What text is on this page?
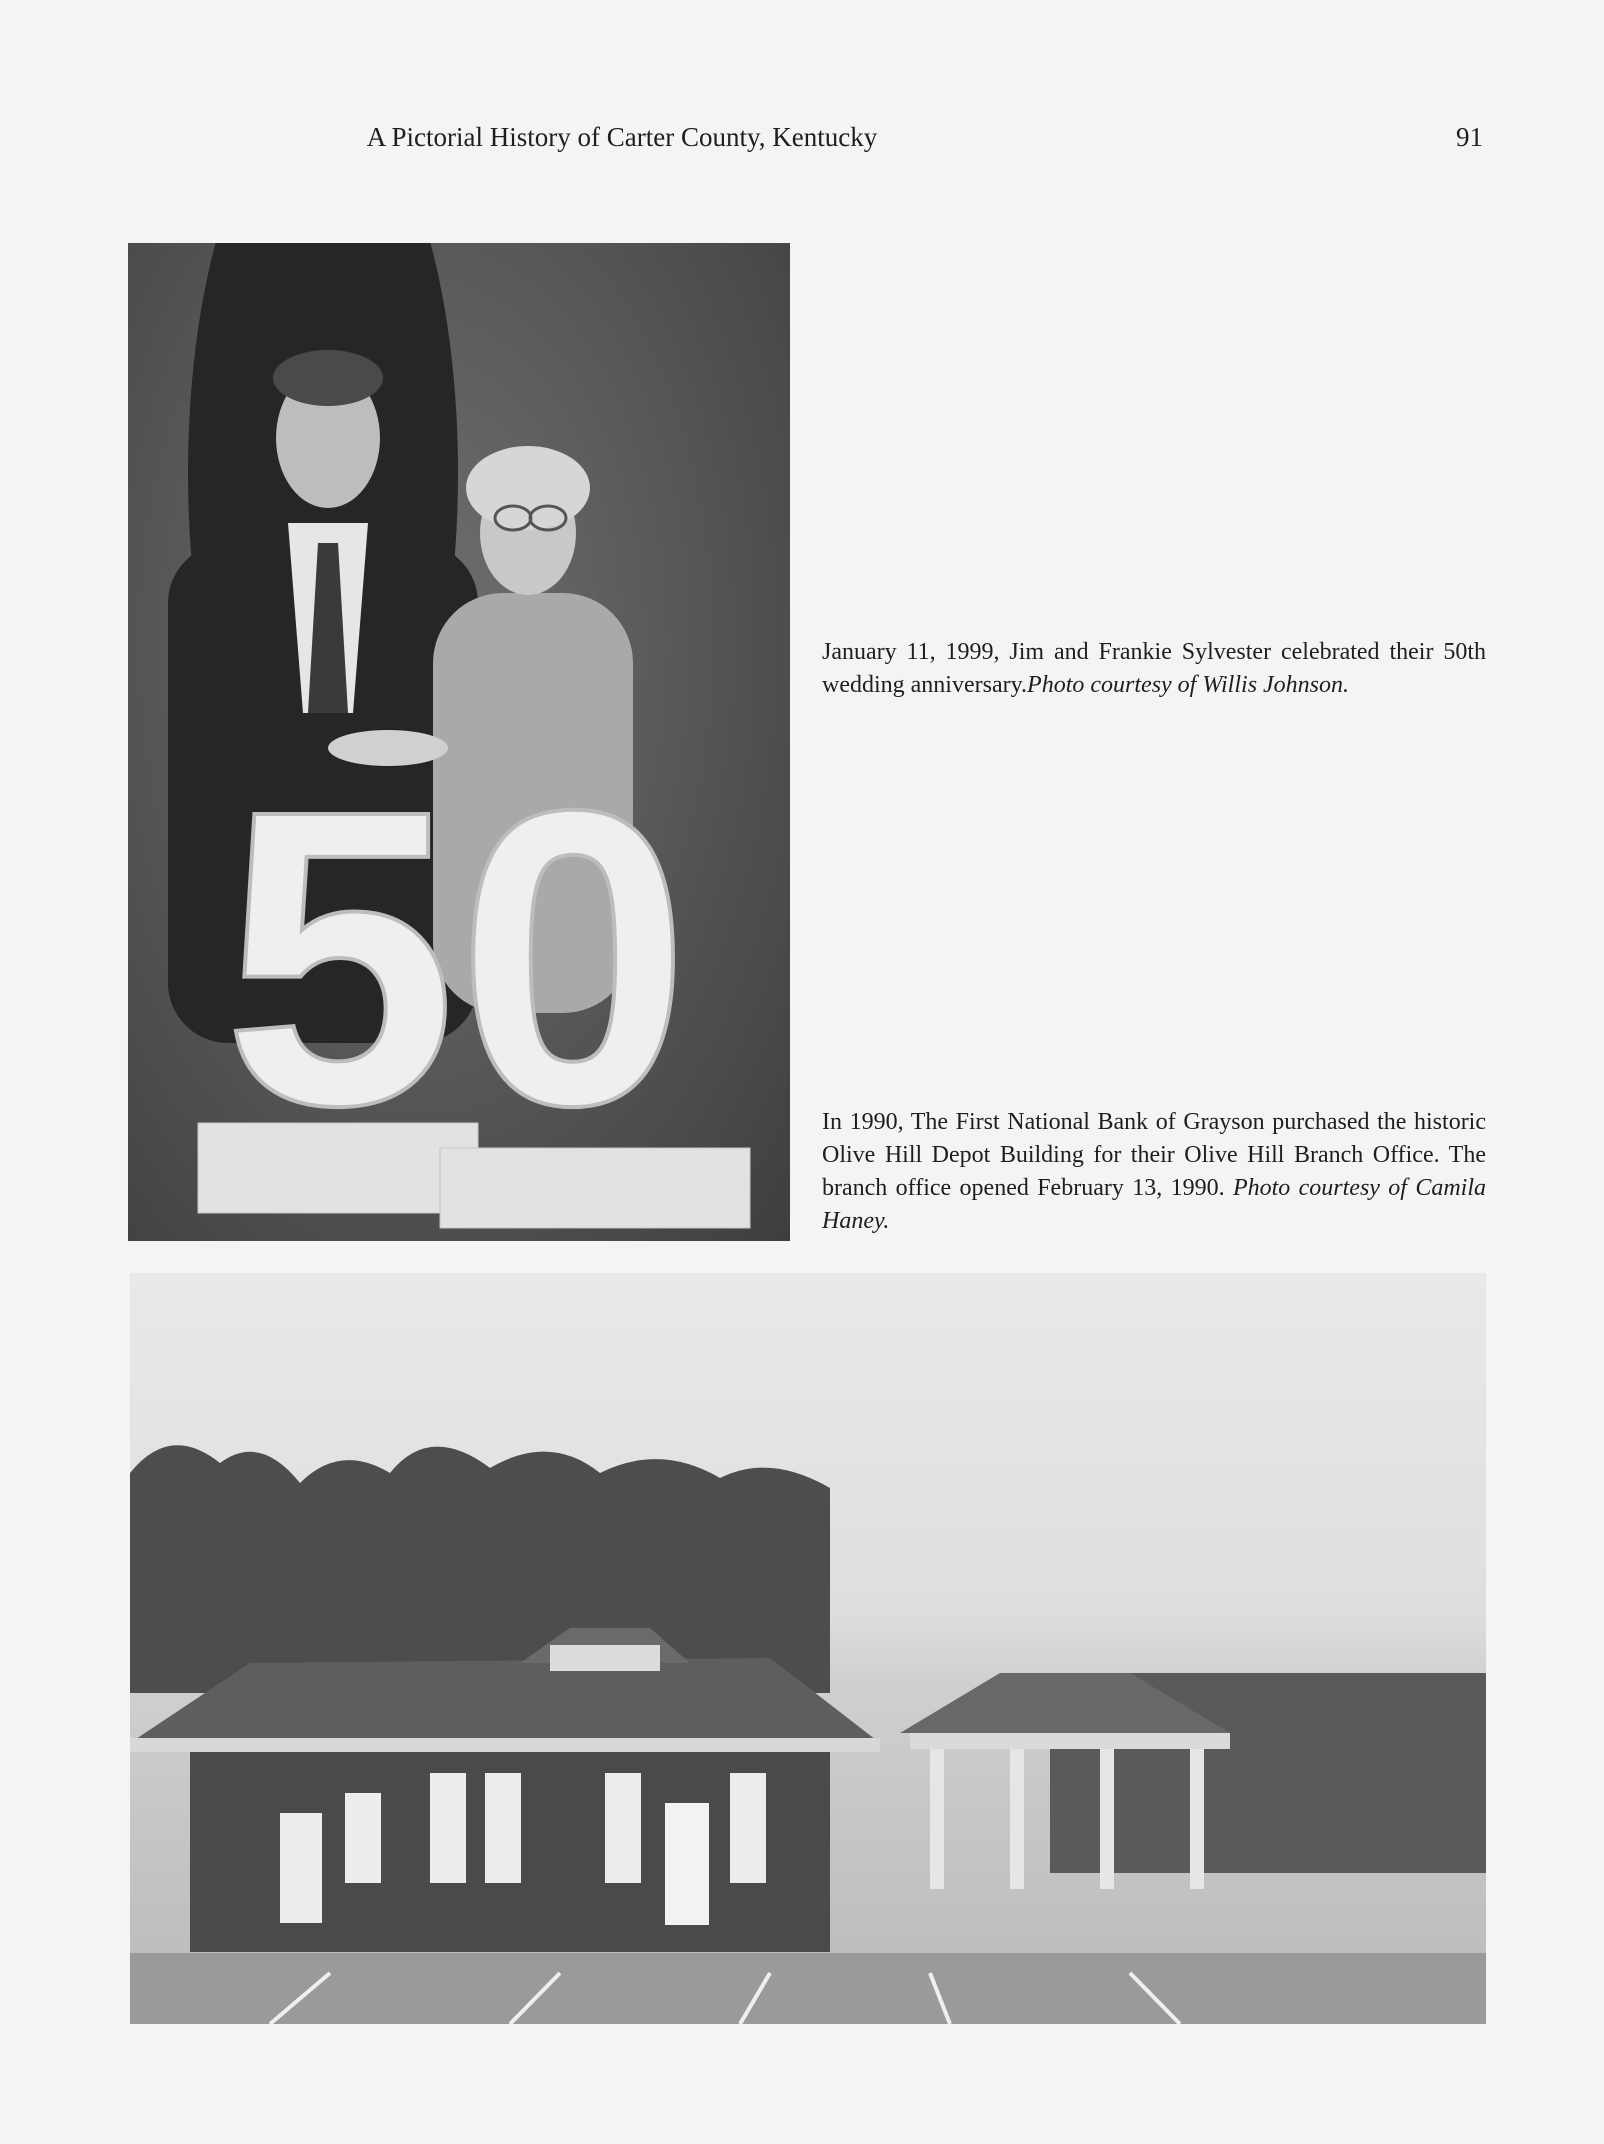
A Pictorial History of Carter County, Kentucky	91
50
January 11, 1999, Jim and Frankie Sylvester celebrated their 50th wedding anniversary.Photo courtesy of Willis Johnson.
In 1990, The First National Bank of Grayson purchased the historic Olive Hill Depot Building for their Olive Hill Branch Office. The branch office opened February 13, 1990. Photo courtesy of Camila Haney.
